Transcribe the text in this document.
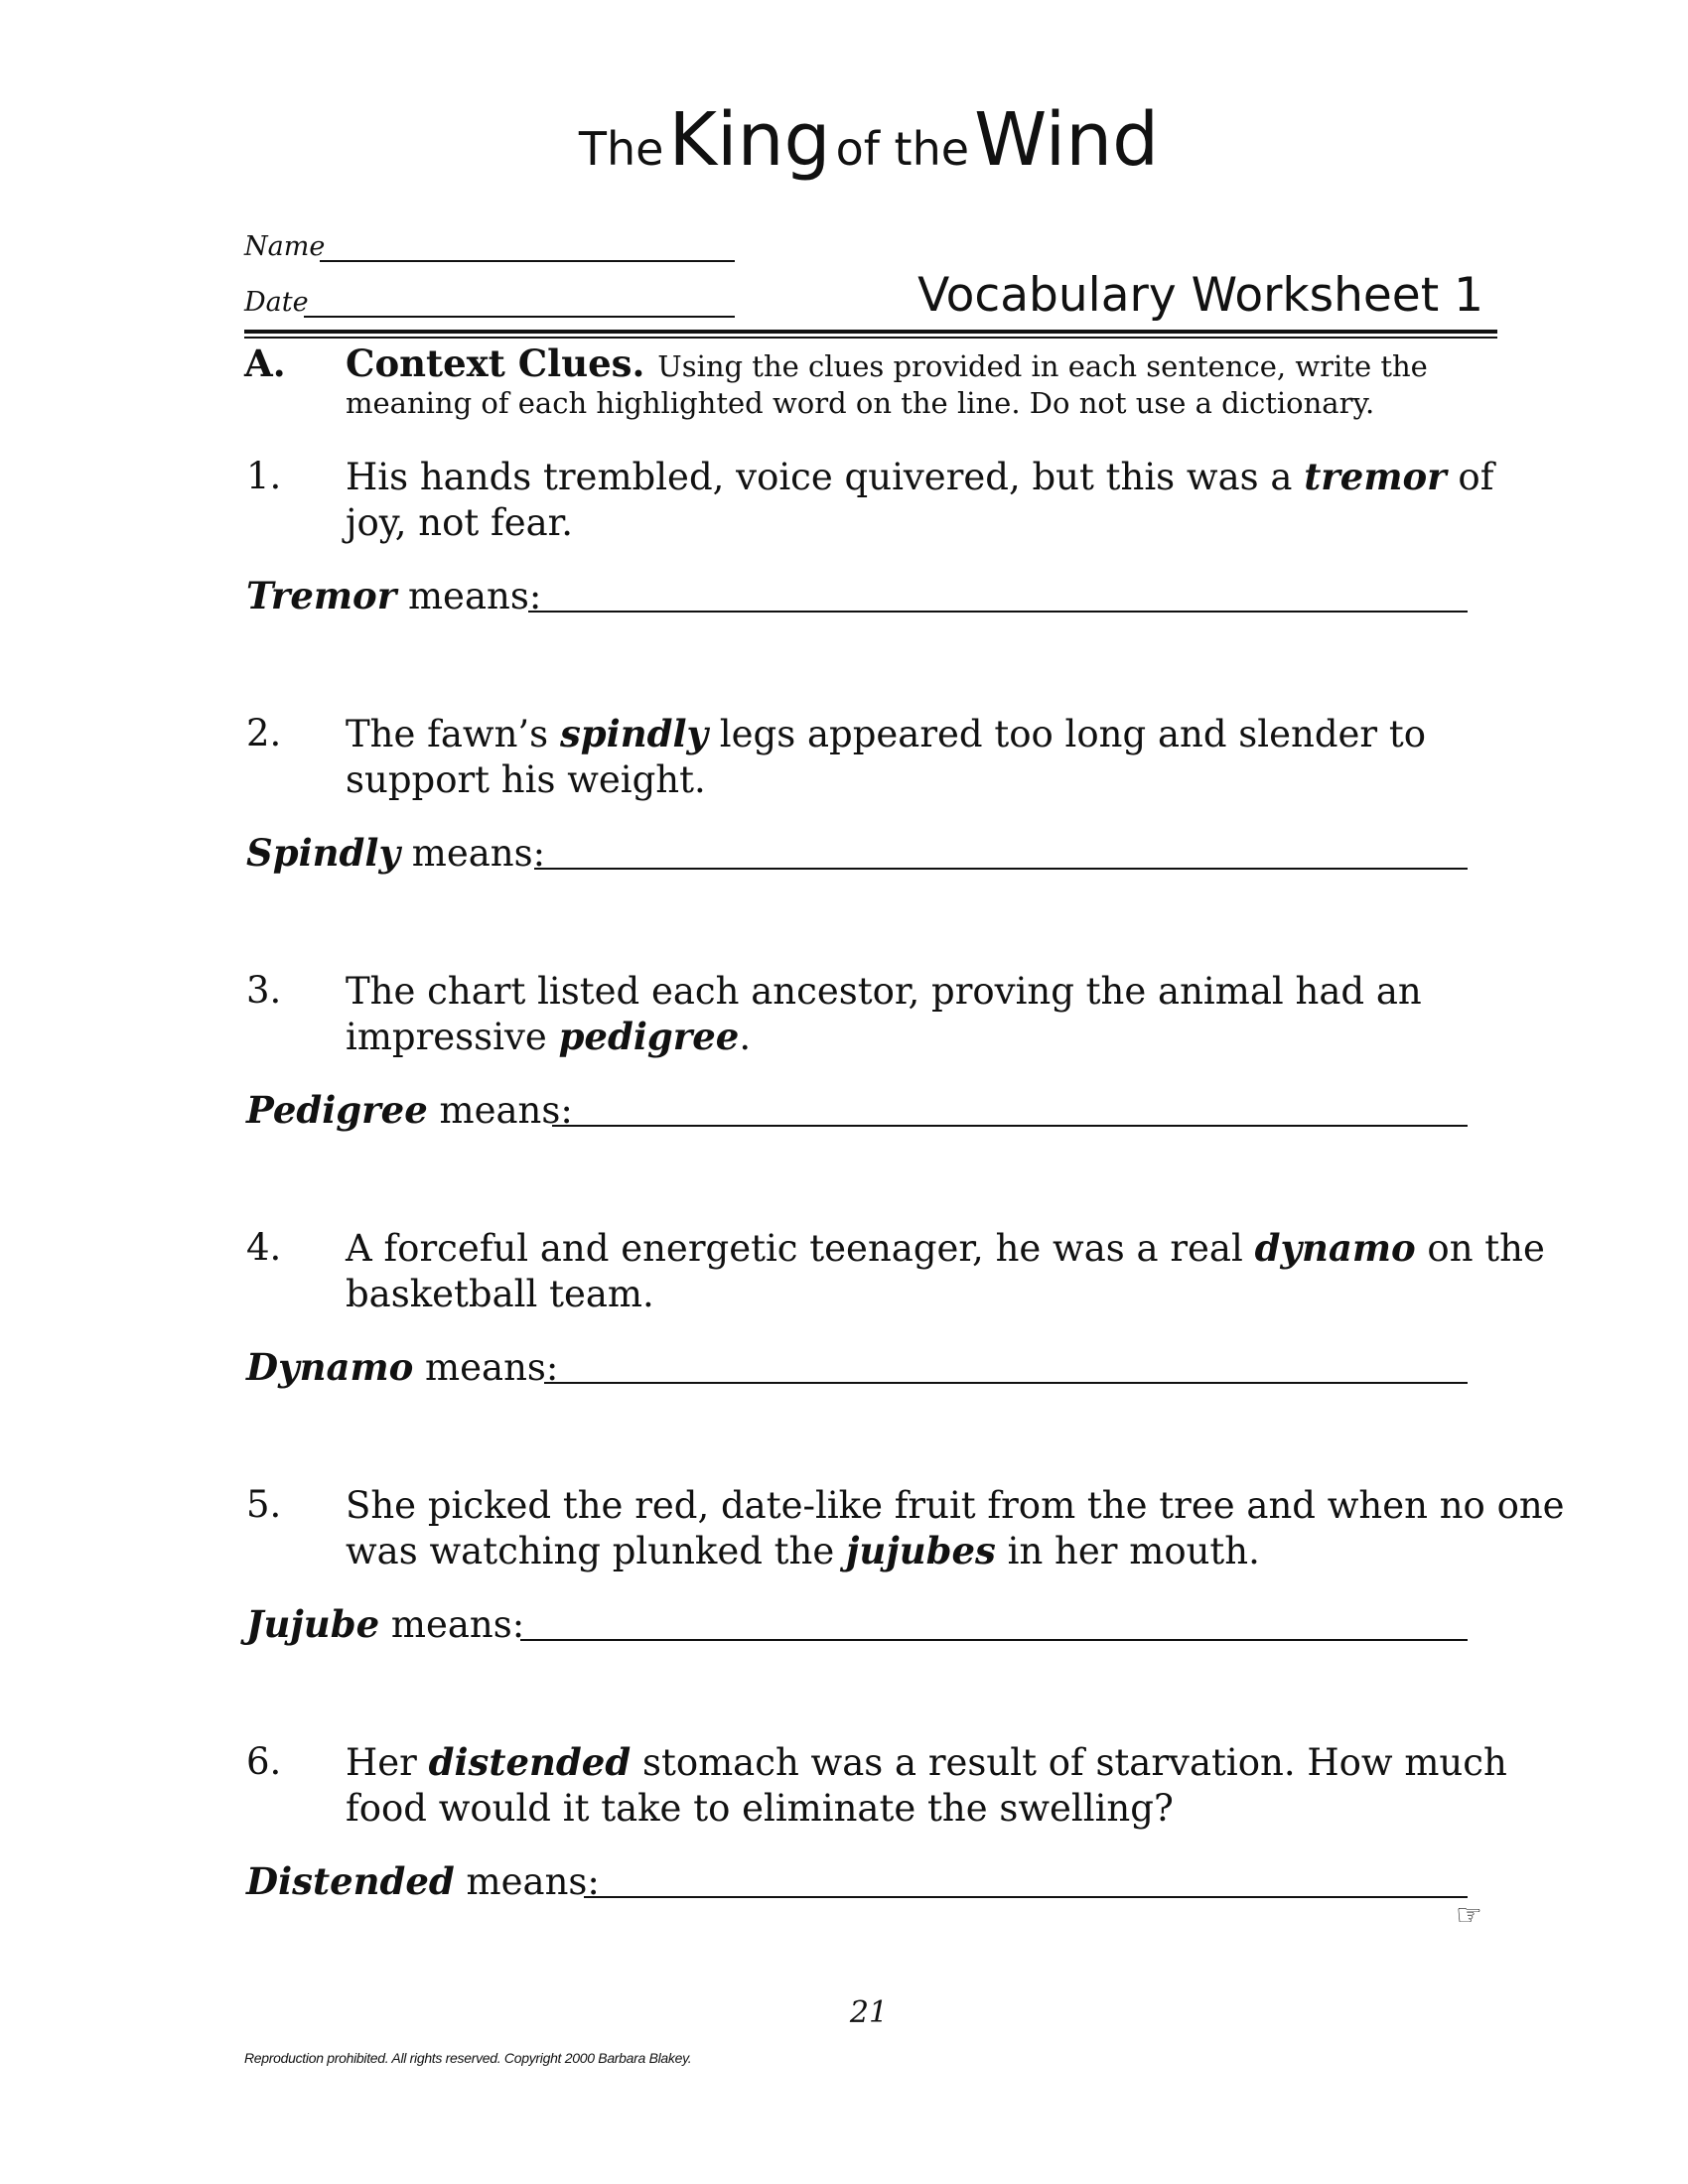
The King of the Wind
Name
Date	Vocabulary Worksheet 1
A. Context Clues. Using the clues provided in each sentence, write the
meaning of each highlighted word on the line. Do not use a dictionary.
1. His hands trembled, voice quivered, but this was a tremor of
joy, not fear.
Tremor means:
2. The fawn’s spindly legs appeared too long and slender to
support his weight.
Spindly means:
3. The chart listed each ancestor, proving the animal had an
impressive pedigree.
Pedigree means:
4. A forceful and energetic teenager, he was a real dynamo on the
basketball team.
Dynamo means:
5. She picked the red, date-like fruit from the tree and when no one
was watching plunked the jujubes in her mouth.
Jujube means:
6. Her distended stomach was a result of starvation. How much
food would it take to eliminate the swelling?
Distended means:
☞
21
Reproduction prohibited. All rights reserved. Copyright 2000 Barbara Blakey.
